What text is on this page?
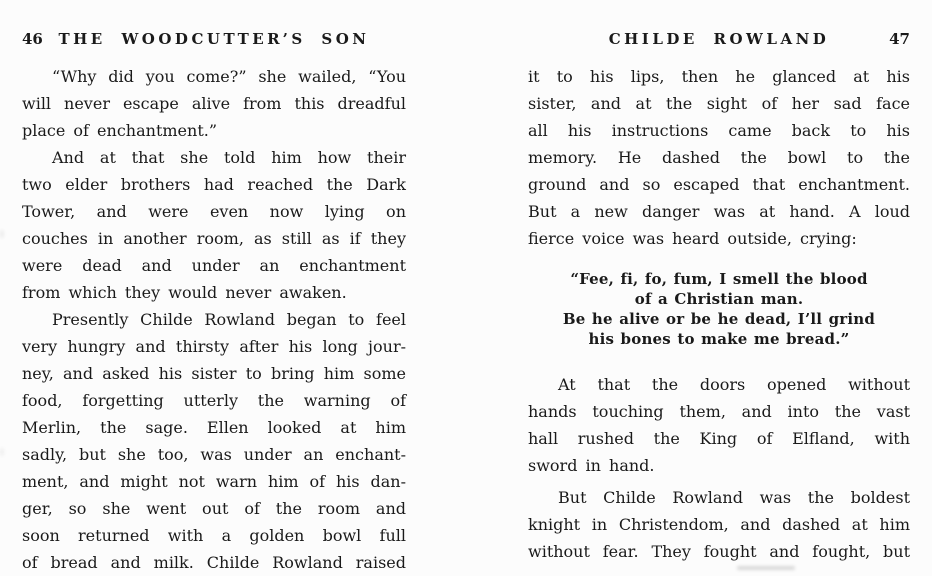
46	THE WOODCUTTER’S SON
“Why did you come?” she wailed, “You
will never escape alive from this dreadful
place of enchantment.”
And at that she told him how their
two elder brothers had reached the Dark
Tower, and were even now lying on
couches in another room, as still as if they
were dead and under an enchantment
from which they would never awaken.
Presently Childe Rowland began to feel
very hungry and thirsty after his long jour-
ney, and asked his sister to bring him some
food, forgetting utterly the warning of
Merlin, the sage. Ellen looked at him
sadly, but she too, was under an enchant-
ment, and might not warn him of his dan-
ger, so she went out of the room and
soon returned with a golden bowl full
of bread and milk. Childe Rowland raised
CHILDE ROWLAND	47
it to his lips, then he glanced at his
sister, and at the sight of her sad face
all his instructions came back to his
memory. He dashed the bowl to the
ground and so escaped that enchantment.
But a new danger was at hand. A loud
fierce voice was heard outside, crying:
“Fee, fi, fo, fum, I smell the blood
of a Christian man.
Be he alive or be he dead, I’ll grind
his bones to make me bread.”
At that the doors opened without
hands touching them, and into the vast
hall rushed the King of Elfland, with
sword in hand.
But Childe Rowland was the boldest
knight in Christendom, and dashed at him
without fear. They fought and fought, but
